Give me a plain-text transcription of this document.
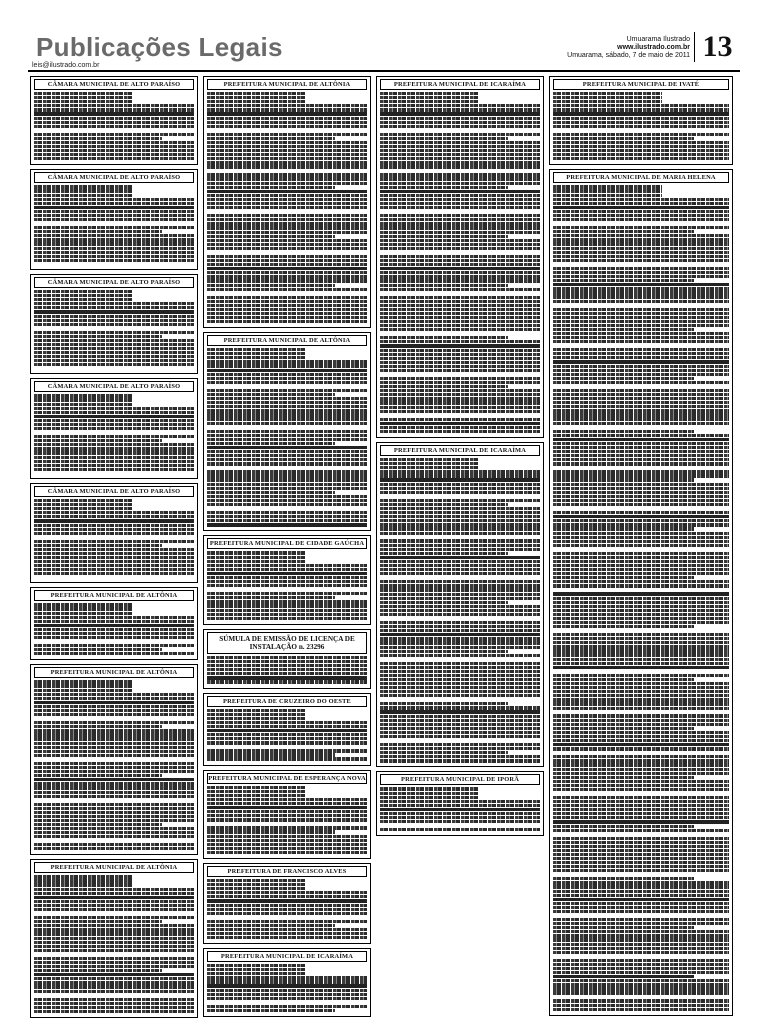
Publicações Legais
leis@ilustrado.com.br
Umuarama Ilustrado
www.ilustrado.com.br
Umuarama, sábado, 7 de maio de 2011 13
CÂMARA MUNICIPAL DE ALTO PARAÍSO
CÂMARA MUNICIPAL DE ALTO PARAÍSO
CÂMARA MUNICIPAL DE ALTO PARAÍSO
CÂMARA MUNICIPAL DE ALTO PARAÍSO
CÂMARA MUNICIPAL DE ALTO PARAÍSO
PREFEITURA MUNICIPAL DE ALTÔNIA
PREFEITURA MUNICIPAL DE ALTÔNIA
PREFEITURA MUNICIPAL DE ALTÔNIA
PREFEITURA MUNICIPAL DE ALTÔNIA
PREFEITURA MUNICIPAL DE ALTÔNIA
PREFEITURA MUNICIPAL DE CIDADE GAÚCHA
SÚMULA DE EMISSÃO DE LICENÇA DE INSTALAÇÃO n. 23296
PREFEITURA DE CRUZEIRO DO OESTE
PREFEITURA MUNICIPAL DE ESPERANÇA NOVA
PREFEITURA DE FRANCISCO ALVES
PREFEITURA MUNICIPAL DE ICARAÍMA
PREFEITURA MUNICIPAL DE ICARAÍMA
PREFEITURA MUNICIPAL DE ICARAÍMA
PREFEITURA MUNICIPAL DE IPORÃ
PREFEITURA MUNICIPAL DE IVATÉ
PREFEITURA MUNICIPAL DE MARIA HELENA
